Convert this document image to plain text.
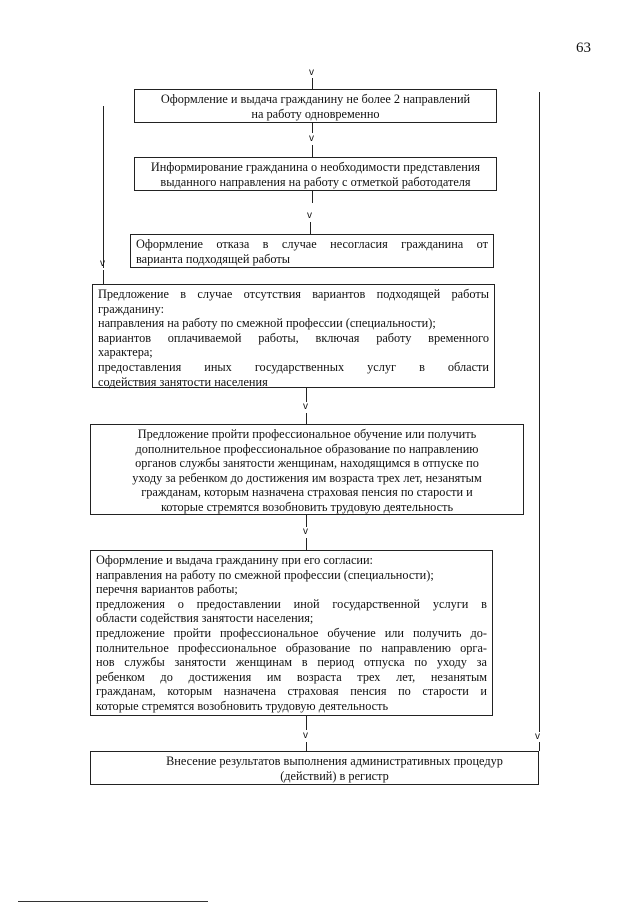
63
v
v
v
Оформление и выдача гражданину не более 2 направлений
на работу одновременно
v
Информирование гражданина о необходимости представления
выданного направления на работу с отметкой работодателя
v
Оформление отказа в случае несогласия гражданина от
варианта подходящей работы
Предложение в случае отсутствия вариантов подходящей работы
гражданину:
направления на работу по смежной профессии (специальности);
вариантов оплачиваемой работы, включая работу временного
характера;
предоставления иных государственных услуг в области
содействия занятости населения
v
Предложение пройти профессиональное обучение или получить
дополнительное профессиональное образование по направлению
органов службы занятости женщинам, находящимся в отпуске по
уходу за ребенком до достижения им возраста трех лет, незанятым
гражданам, которым назначена страховая пенсия по старости и
которые стремятся возобновить трудовую деятельность
v
Оформление и выдача гражданину при его согласии:
направления на работу по смежной профессии (специальности);
перечня вариантов работы;
предложения о предоставлении иной государственной услуги в
области содействия занятости населения;
предложение пройти профессиональное обучение или получить до-
полнительное профессиональное образование по направлению орга-
нов службы занятости женщинам в период отпуска по уходу за
ребенком до достижения им возраста трех лет, незанятым
гражданам, которым назначена страховая пенсия по старости и
которые стремятся возобновить трудовую деятельность
v
Внесение результатов выполнения административных процедур
(действий) в регистр
